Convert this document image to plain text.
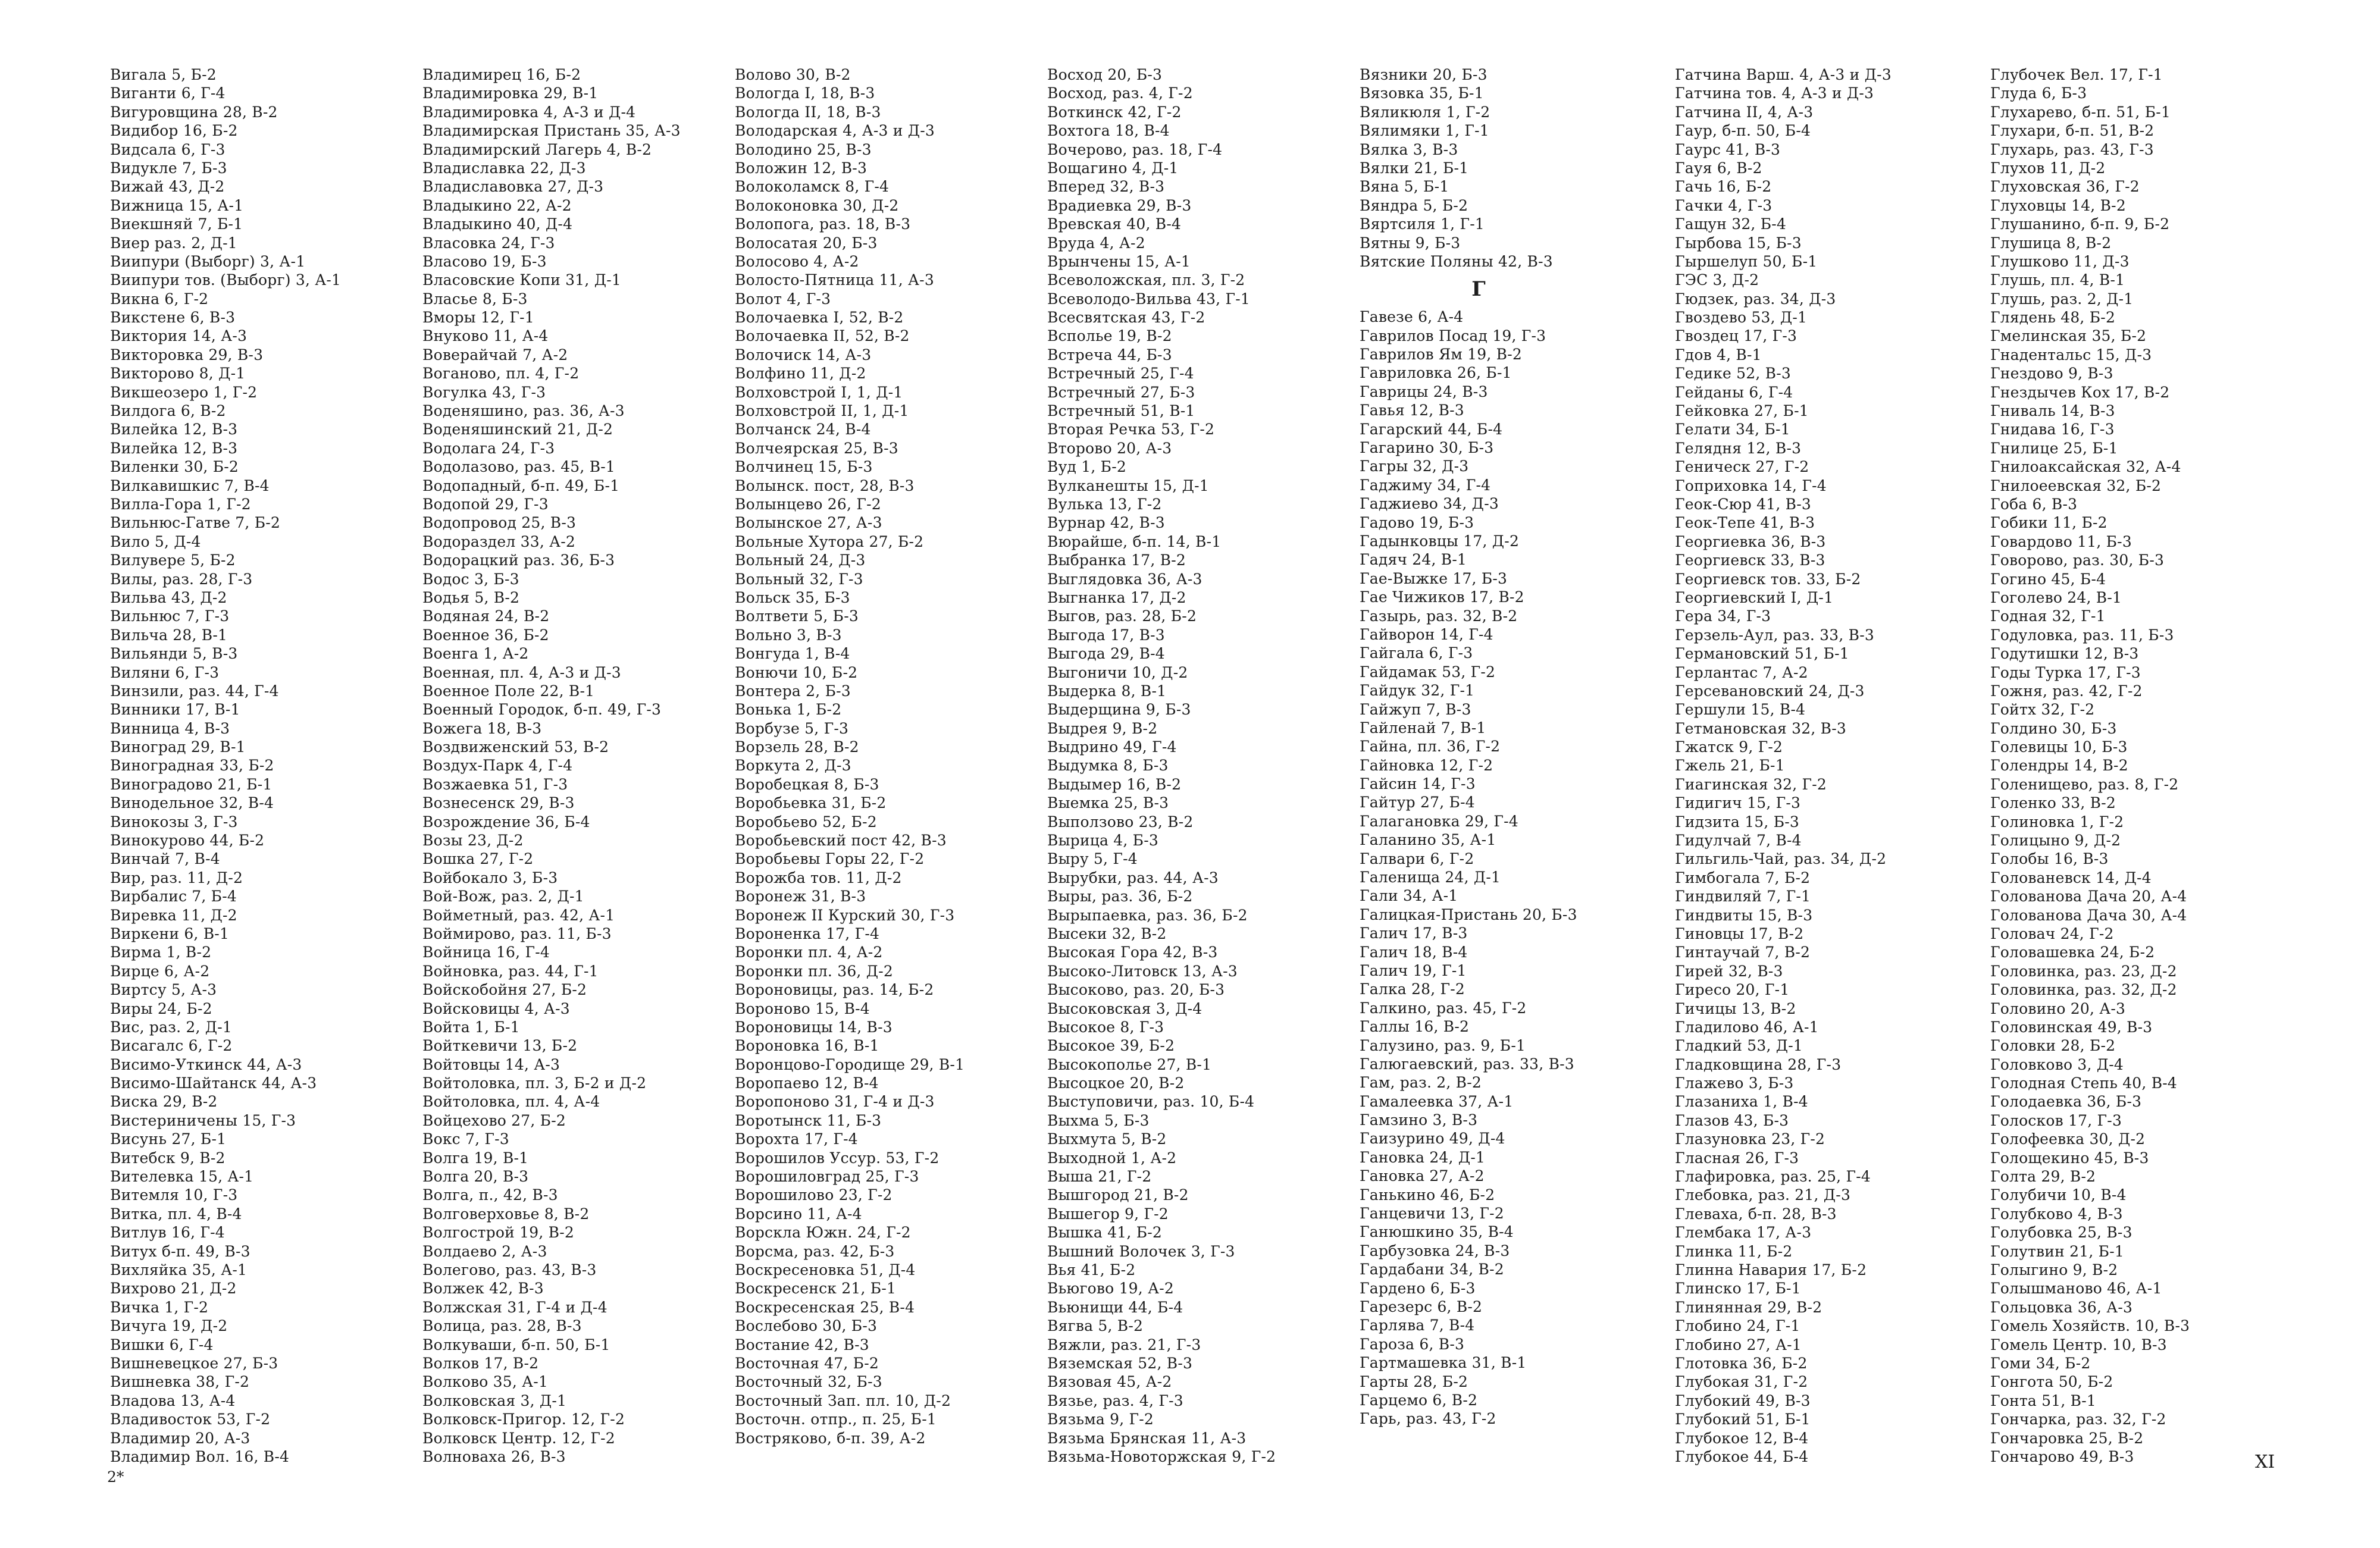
Вигала 5, Б-2
Виганти 6, Г-4
Вигуровщина 28, В-2
Видибор 16, Б-2
Видсала 6, Г-3
Видукле 7, Б-3
Вижай 43, Д-2
Вижница 15, А-1
Виекшняй 7, Б-1
Виер раз. 2, Д-1
Виипури (Выборг) 3, А-1
Виипури тов. (Выборг) 3, А-1
Викна 6, Г-2
Викстене 6, В-3
Виктория 14, А-3
Викторовка 29, В-3
Викторово 8, Д-1
Викшеозеро 1, Г-2
Вилдога 6, В-2
Вилейка 12, В-3
Вилейка 12, В-3
Виленки 30, Б-2
Вилкавишкис 7, В-4
Вилла-Гора 1, Г-2
Вильнюс-Гатве 7, Б-2
Вило 5, Д-4
Вилувере 5, Б-2
Вилы, раз. 28, Г-3
Вильва 43, Д-2
Вильнюс 7, Г-3
Вильча 28, В-1
Вильянди 5, В-3
Виляни 6, Г-3
Винзили, раз. 44, Г-4
Винники 17, В-1
Винница 4, В-3
Виноград 29, В-1
Виноградная 33, Б-2
Виноградово 21, Б-1
Винодельное 32, В-4
Винокозы 3, Г-3
Винокурово 44, Б-2
Винчай 7, В-4
Вир, раз. 11, Д-2
Вирбалис 7, Б-4
Виревка 11, Д-2
Виркени 6, В-1
Вирма 1, В-2
Вирце 6, А-2
Виртсу 5, А-3
Виры 24, Б-2
Вис, раз. 2, Д-1
Висагалс 6, Г-2
Висимо-Уткинск 44, А-3
Висимо-Шайтанск 44, А-3
Виска 29, В-2
Вистериничены 15, Г-3
Висунь 27, Б-1
Витебск 9, В-2
Вителевка 15, А-1
Витемля 10, Г-3
Витка, пл. 4, В-4
Витлув 16, Г-4
Витух б-п. 49, В-3
Вихляйка 35, А-1
Вихрово 21, Д-2
Вичка 1, Г-2
Вичуга 19, Д-2
Вишки 6, Г-4
Вишневецкое 27, Б-3
Вишневка 38, Г-2
Владова 13, А-4
Владивосток 53, Г-2
Владимир 20, А-3
Владимир Вол. 16, В-4
Владимирец 16, Б-2
Владимировка 29, В-1
Владимировка 4, А-3 и Д-4
Владимирская Пристань 35, А-3
Владимирский Лагерь 4, В-2
Владиславка 22, Д-3
Владиславовка 27, Д-3
Владыкино 22, А-2
Владыкино 40, Д-4
Власовка 24, Г-3
Власово 19, Б-3
Власовские Копи 31, Д-1
Власье 8, Б-3
Вморы 12, Г-1
Внуково 11, А-4
Воверайчай 7, А-2
Воганово, пл. 4, Г-2
Вогулка 43, Г-3
Воденяшино, раз. 36, А-3
Воденяшинский 21, Д-2
Водолага 24, Г-3
Водолазово, раз. 45, В-1
Водопадный, б-п. 49, Б-1
Водопой 29, Г-3
Водопровод 25, В-3
Водораздел 33, А-2
Водорацкий раз. 36, Б-3
Водос 3, Б-3
Водья 5, В-2
Водяная 24, В-2
Военное 36, Б-2
Военга 1, А-2
Военная, пл. 4, А-3 и Д-3
Военное Поле 22, В-1
Военный Городок, б-п. 49, Г-3
Вожега 18, В-3
Воздвиженский 53, В-2
Воздух-Парк 4, Г-4
Возжаевка 51, Г-3
Вознесенск 29, В-3
Возрождение 36, Б-4
Возы 23, Д-2
Вошка 27, Г-2
Войбокало 3, Б-3
Вой-Вож, раз. 2, Д-1
Войметный, раз. 42, А-1
Воймирово, раз. 11, Б-3
Войница 16, Г-4
Войновка, раз. 44, Г-1
Войскобойня 27, Б-2
Войсковицы 4, А-3
Войта 1, Б-1
Войткевичи 13, Б-2
Войтовцы 14, А-3
Войтоловка, пл. 3, Б-2 и Д-2
Войтоловка, пл. 4, А-4
Войцехово 27, Б-2
Вокс 7, Г-3
Волга 19, В-1
Волга 20, В-3
Волга, п., 42, В-3
Волговерховье 8, В-2
Волгострой 19, В-2
Волдаево 2, А-3
Волегово, раз. 43, В-3
Волжек 42, В-3
Волжская 31, Г-4 и Д-4
Волица, раз. 28, В-3
Волкуваши, б-п. 50, Б-1
Волков 17, В-2
Волково 35, А-1
Волковская 3, Д-1
Волковск-Пригор. 12, Г-2
Волковск Центр. 12, Г-2
Волноваха 26, В-3
Волово 30, В-2
Вологда I, 18, В-3
Вологда II, 18, В-3
Володарская 4, А-3 и Д-3
Володино 25, В-3
Воложин 12, В-3
Волоколамск 8, Г-4
Волоконовка 30, Д-2
Волопога, раз. 18, В-3
Волосатая 20, Б-3
Волосово 4, А-2
Волосто-Пятница 11, А-3
Волот 4, Г-3
Волочаевка I, 52, В-2
Волочаевка II, 52, В-2
Волочиск 14, А-3
Волфино 11, Д-2
Волховстрой I, 1, Д-1
Волховстрой II, 1, Д-1
Волчанск 24, В-4
Волчеярская 25, В-3
Волчинец 15, Б-3
Волынск. пост, 28, В-3
Волынцево 26, Г-2
Волынское 27, А-3
Вольные Хутора 27, Б-2
Вольный 24, Д-3
Вольный 32, Г-3
Вольск 35, Б-3
Волтвети 5, Б-3
Вольно 3, В-3
Вонгуда 1, В-4
Вонючи 10, Б-2
Вонтера 2, Б-3
Вонька 1, Б-2
Ворбузе 5, Г-3
Ворзель 28, В-2
Воркута 2, Д-3
Воробецкая 8, Б-3
Воробьевка 31, Б-2
Воробьево 52, Б-2
Воробьевский пост 42, В-3
Воробьевы Горы 22, Г-2
Ворожба тов. 11, Д-2
Воронеж 31, В-3
Воронеж II Курский 30, Г-3
Вороненка 17, Г-4
Воронки пл. 4, А-2
Воронки пл. 36, Д-2
Вороновицы, раз. 14, Б-2
Вороново 15, В-4
Вороновицы 14, В-3
Вороновка 16, В-1
Воронцово-Городище 29, В-1
Воропаево 12, В-4
Воропоново 31, Г-4 и Д-3
Воротынск 11, Б-3
Ворохта 17, Г-4
Ворошилов Уссур. 53, Г-2
Ворошиловград 25, Г-3
Ворошилово 23, Г-2
Ворсино 11, А-4
Ворскла Южн. 24, Г-2
Ворсма, раз. 42, Б-3
Воскресеновка 51, Д-4
Воскресенск 21, Б-1
Воскресенская 25, В-4
Вослебово 30, Б-3
Востание 42, В-3
Восточная 47, Б-2
Восточный 32, Б-3
Восточный Зап. пл. 10, Д-2
Восточн. отпр., п. 25, Б-1
Востряково, б-п. 39, А-2
Восход 20, Б-3
Восход, раз. 4, Г-2
Воткинск 42, Г-2
Вохтога 18, В-4
Вочерово, раз. 18, Г-4
Вощагино 4, Д-1
Вперед 32, В-3
Врадиевка 29, В-3
Вревская 40, В-4
Вруда 4, А-2
Врынчены 15, А-1
Всеволожская, пл. 3, Г-2
Всеволодо-Вильва 43, Г-1
Всесвятская 43, Г-2
Всполье 19, В-2
Встреча 44, Б-3
Встречный 25, Г-4
Встречный 27, Б-3
Встречный 51, В-1
Вторая Речка 53, Г-2
Второво 20, А-3
Вуд 1, Б-2
Вулканешты 15, Д-1
Вулька 13, Г-2
Вурнар 42, В-3
Вюрайше, б-п. 14, В-1
Выбранка 17, В-2
Выглядовка 36, А-3
Выгнанка 17, Д-2
Выгов, раз. 28, Б-2
Выгода 17, В-3
Выгода 29, В-4
Выгоничи 10, Д-2
Выдерка 8, В-1
Выдерщина 9, Б-3
Выдрея 9, В-2
Выдрино 49, Г-4
Выдумка 8, Б-3
Выдымер 16, В-2
Выемка 25, В-3
Выползово 23, В-2
Вырица 4, Б-3
Выру 5, Г-4
Вырубки, раз. 44, А-3
Выры, раз. 36, Б-2
Вырыпаевка, раз. 36, Б-2
Высеки 32, В-2
Высокая Гора 42, В-3
Высоко-Литовск 13, А-3
Высоково, раз. 20, Б-3
Высоковская 3, Д-4
Высокое 8, Г-3
Высокое 39, Б-2
Высокополье 27, В-1
Высоцкое 20, В-2
Выступовичи, раз. 10, Б-4
Выхма 5, Б-3
Выхмута 5, В-2
Выходной 1, А-2
Выша 21, Г-2
Вышгород 21, В-2
Вышегор 9, Г-2
Вышка 41, Б-2
Вышний Волочек 3, Г-3
Вья 41, Б-2
Вьюгово 19, А-2
Вьюнищи 44, Б-4
Вягва 5, В-2
Вяжли, раз. 21, Г-3
Вяземская 52, В-3
Вязовая 45, А-2
Вязье, раз. 4, Г-3
Вязьма 9, Г-2
Вязьма Брянская 11, А-3
Вязьма-Новоторжская 9, Г-2
Вязники 20, Б-3
Вязовка 35, Б-1
Вяликюля 1, Г-2
Вялимяки 1, Г-1
Вялка 3, В-3
Вялки 21, Б-1
Вяна 5, Б-1
Вяндра 5, Б-2
Вяртсиля 1, Г-1
Вятны 9, Б-3
Вятские Поляны 42, В-3
Г
Гавезе 6, А-4
Гаврилов Посад 19, Г-3
Гаврилов Ям 19, В-2
Гавриловка 26, Б-1
Гаврицы 24, В-3
Гавья 12, В-3
Гагарский 44, Б-4
Гагарино 30, Б-3
Гагры 32, Д-3
Гаджиму 34, Г-4
Гаджиево 34, Д-3
Гадово 19, Б-3
Гадынковцы 17, Д-2
Гадяч 24, В-1
Гае-Выжке 17, Б-3
Гае Чижиков 17, В-2
Газырь, раз. 32, В-2
Гайворон 14, Г-4
Гайгала 6, Г-3
Гайдамак 53, Г-2
Гайдук 32, Г-1
Гайжуп 7, В-3
Гайленай 7, В-1
Гайна, пл. 36, Г-2
Гайновка 12, Г-2
Гайсин 14, Г-3
Гайтур 27, Б-4
Галагановка 29, Г-4
Галанино 35, А-1
Галвари 6, Г-2
Галенища 24, Д-1
Гали 34, А-1
Галицкая-Пристань 20, Б-3
Галич 17, В-3
Галич 18, В-4
Галич 19, Г-1
Галка 28, Г-2
Галкино, раз. 45, Г-2
Галлы 16, В-2
Галузино, раз. 9, Б-1
Галюгаевский, раз. 33, В-3
Гам, раз. 2, В-2
Гамалеевка 37, А-1
Гамзино 3, В-3
Гаизурино 49, Д-4
Гановка 24, Д-1
Гановка 27, А-2
Ганькино 46, Б-2
Ганцевичи 13, Г-2
Ганюшкино 35, В-4
Гарбузовка 24, В-3
Гардабани 34, В-2
Гардено 6, Б-3
Гарезерс 6, В-2
Гарлява 7, В-4
Гароза 6, В-3
Гартмашевка 31, В-1
Гарты 28, Б-2
Гарцемо 6, В-2
Гарь, раз. 43, Г-2
Гатчина Варш. 4, А-3 и Д-3
Гатчина тов. 4, А-3 и Д-3
Гатчина II, 4, А-3
Гаур, б-п. 50, Б-4
Гаурс 41, В-3
Гауя 6, В-2
Гачь 16, Б-2
Гачки 4, Г-3
Гащун 32, Б-4
Гырбова 15, Б-3
Гыршелуп 50, Б-1
ГЭС 3, Д-2
Гюдзек, раз. 34, Д-3
Гвоздево 53, Д-1
Гвоздец 17, Г-3
Гдов 4, В-1
Гедике 52, В-3
Гейданы 6, Г-4
Гейковка 27, Б-1
Гелати 34, Б-1
Гелядня 12, В-3
Геническ 27, Г-2
Гоприховка 14, Г-4
Геок-Сюр 41, В-3
Геок-Тепе 41, В-3
Георгиевка 36, В-3
Георгиевск 33, В-3
Георгиевск тов. 33, Б-2
Георгиевский I, Д-1
Гера 34, Г-3
Герзель-Аул, раз. 33, В-3
Германовский 51, Б-1
Герлантас 7, А-2
Герсевановский 24, Д-3
Гершули 15, В-4
Гетмановская 32, В-3
Гжатск 9, Г-2
Гжель 21, Б-1
Гиагинская 32, Г-2
Гидигич 15, Г-3
Гидзита 15, Б-3
Гидулчай 7, В-4
Гильгиль-Чай, раз. 34, Д-2
Гимбогала 7, Б-2
Гиндвиляй 7, Г-1
Гиндвиты 15, В-3
Гиновцы 17, В-2
Гинтаучай 7, В-2
Гирей 32, В-3
Гиресо 20, Г-1
Гичицы 13, В-2
Гладилово 46, А-1
Гладкий 53, Д-1
Гладковщина 28, Г-3
Глажево 3, Б-3
Глазаниха 1, В-4
Глазов 43, Б-3
Глазуновка 23, Г-2
Гласная 26, Г-3
Глафировка, раз. 25, Г-4
Глебовка, раз. 21, Д-3
Глеваха, б-п. 28, В-3
Глембака 17, А-3
Глинка 11, Б-2
Глинна Навария 17, Б-2
Глинско 17, Б-1
Глинянная 29, В-2
Глобино 24, Г-1
Глобино 27, А-1
Глотовка 36, Б-2
Глубокая 31, Г-2
Глубокий 49, В-3
Глубокий 51, Б-1
Глубокое 12, В-4
Глубокое 44, Б-4
Глубочек Вел. 17, Г-1
Глуда 6, Б-3
Глухарево, б-п. 51, Б-1
Глухари, б-п. 51, В-2
Глухарь, раз. 43, Г-3
Глухов 11, Д-2
Глуховская 36, Г-2
Глуховцы 14, В-2
Глушанино, б-п. 9, Б-2
Глушица 8, В-2
Глушково 11, Д-3
Глушь, пл. 4, В-1
Глушь, раз. 2, Д-1
Глядень 48, Б-2
Гмелинская 35, Б-2
Гнадентальс 15, Д-3
Гнездово 9, В-3
Гнездычев Кох 17, В-2
Гниваль 14, В-3
Гнидава 16, Г-3
Гнилице 25, Б-1
Гнилоаксайская 32, А-4
Гнилоеевская 32, Б-2
Гоба 6, В-3
Гобики 11, Б-2
Говардово 11, Б-3
Говорово, раз. 30, Б-3
Гогино 45, Б-4
Гоголево 24, В-1
Годная 32, Г-1
Годуловка, раз. 11, Б-3
Годутишки 12, В-3
Годы Турка 17, Г-3
Гожня, раз. 42, Г-2
Гойтх 32, Г-2
Голдино 30, Б-3
Голевицы 10, Б-3
Голендры 14, В-2
Голенищево, раз. 8, Г-2
Голенко 33, В-2
Голиновка 1, Г-2
Голицыно 9, Д-2
Голобы 16, В-3
Голованевск 14, Д-4
Голованова Дача 20, А-4
Голованова Дача 30, А-4
Головач 24, Г-2
Головашевка 24, Б-2
Головинка, раз. 23, Д-2
Головинка, раз. 32, Д-2
Головино 20, А-3
Головинская 49, В-3
Головки 28, Б-2
Головково 3, Д-4
Голодная Степь 40, В-4
Голодаевка 36, Б-3
Голосков 17, Г-3
Голофеевка 30, Д-2
Голощекино 45, В-3
Голта 29, В-2
Голубичи 10, В-4
Голубково 4, В-3
Голубовка 25, В-3
Голутвин 21, Б-1
Голыгино 9, В-2
Голышманово 46, А-1
Гольцовка 36, А-3
Гомель Хозяйств. 10, В-3
Гомель Центр. 10, В-3
Гоми 34, Б-2
Гонгота 50, Б-2
Гонта 51, В-1
Гончарка, раз. 32, Г-2
Гончаровка 25, В-2
Гончарово 49, В-3
2*
XI
